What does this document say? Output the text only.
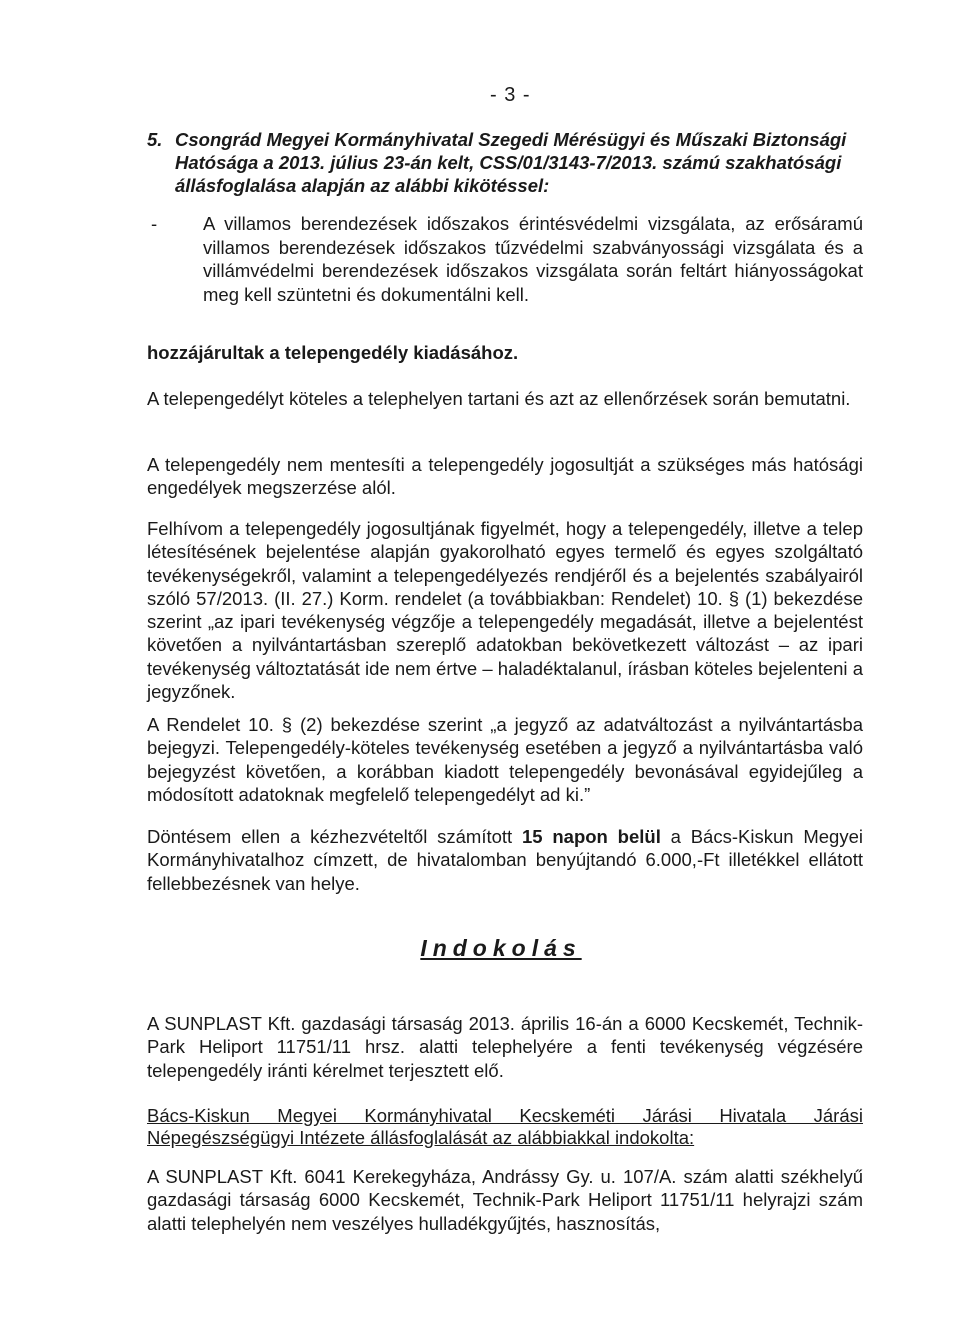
- 3 -
5. Csongrád Megyei Kormányhivatal Szegedi Mérésügyi és Műszaki Biztonsági Hatósága a 2013. július 23-án kelt, CSS/01/3143-7/2013. számú szakhatósági állásfoglalása alapján az alábbi kikötéssel:
- A villamos berendezések időszakos érintésvédelmi vizsgálata, az erősáramú villamos berendezések időszakos tűzvédelmi szabványossági vizsgálata és a villámvédelmi berendezések időszakos vizsgálata során feltárt hiányosságokat meg kell szüntetni és dokumentálni kell.
hozzájárultak a telepengedély kiadásához.
A telepengedélyt köteles a telephelyen tartani és azt az ellenőrzések során bemutatni.
A telepengedély nem mentesíti a telepengedély jogosultját a szükséges más hatósági engedélyek megszerzése alól.
Felhívom a telepengedély jogosultjának figyelmét, hogy a telepengedély, illetve a telep létesítésének bejelentése alapján gyakorolható egyes termelő és egyes szolgáltató tevékenységekről, valamint a telepengedélyezés rendjéről és a bejelentés szabályairól szóló 57/2013. (II. 27.) Korm. rendelet (a továbbiakban: Rendelet) 10. § (1) bekezdése szerint „az ipari tevékenység végzője a telepengedély megadását, illetve a bejelentést követően a nyilvántartásban szereplő adatokban bekövetkezett változást – az ipari tevékenység változtatását ide nem értve – haladéktalanul, írásban köteles bejelenteni a jegyzőnek.
A Rendelet 10. § (2) bekezdése szerint „a jegyző az adatváltozást a nyilvántartásba bejegyzi. Telepengedély-köteles tevékenység esetében a jegyző a nyilvántartásba való bejegyzést követően, a korábban kiadott telepengedély bevonásával egyidejűleg a módosított adatoknak megfelelő telepengedélyt ad ki.”
Döntésem ellen a kézhezvételtől számított 15 napon belül a Bács-Kiskun Megyei Kormányhivatalhoz címzett, de hivatalomban benyújtandó 6.000,-Ft illetékkel ellátott fellebbezésnek van helye.
Indokolás
A SUNPLAST Kft. gazdasági társaság 2013. április 16-án a 6000 Kecskemét, Technik-Park Heliport 11751/11 hrsz. alatti telephelyére a fenti tevékenység végzésére telepengedély iránti kérelmet terjesztett elő.
Bács-Kiskun Megyei Kormányhivatal Kecskeméti Járási Hivatala Járási Népegészségügyi Intézete állásfoglalását az alábbiakkal indokolta:
A SUNPLAST Kft. 6041 Kerekegyháza, Andrássy Gy. u. 107/A. szám alatti székhelyű gazdasági társaság 6000 Kecskemét, Technik-Park Heliport 11751/11 helyrajzi szám alatti telephelyén nem veszélyes hulladékgyűjtés, hasznosítás,
